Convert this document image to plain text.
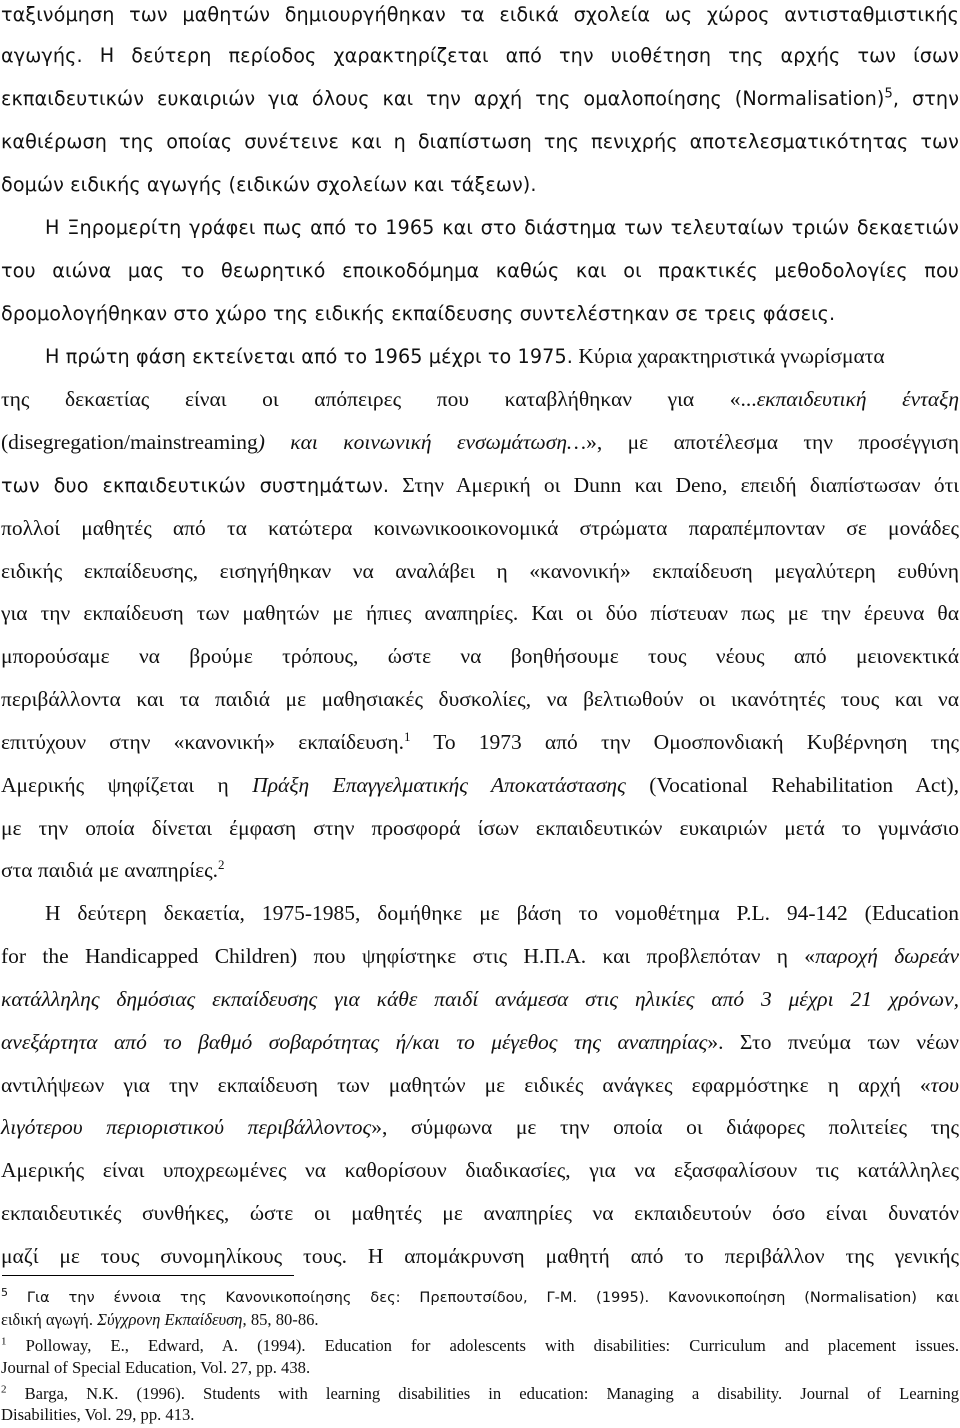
ταξινόμηση των μαθητών δημιουργήθηκαν τα ειδικά σχολεία ως χώρος αντισταθμιστικής
αγωγής. Η δεύτερη περίοδος χαρακτηρίζεται από την υιοθέτηση της αρχής των ίσων
εκπαιδευτικών ευκαιριών για όλους και την αρχή της ομαλοποίησης (Normalisation)$^5$, στην
καθιέρωση της οποίας συνέτεινε και η διαπίστωση της πενιχρής αποτελεσματικότητας των
δομών ειδικής αγωγής (ειδικών σχολείων και τάξεων).
Η Ξηρομερίτη γράφει πως από το 1965 και στο διάστημα των τελευταίων τριών δεκαετιών
του αιώνα μας το θεωρητικό εποικοδόμημα καθώς και οι πρακτικές μεθοδολογίες που
δρομολογήθηκαν στο χώρο της ειδικής εκπαίδευσης συντελέστηκαν σε τρεις φάσεις.
Η πρώτη φάση εκτείνεται από το 1965 μέχρι το 1975. Κύρια χαρακτηριστικά γνωρίσματα
της δεκαετίας είναι οι απόπειρες που καταβλήθηκαν για «...εκπαιδευτική ένταξη
(disegregation/mainstreaming) και κοινωνική ενσωμάτωση…», με αποτέλεσμα την προσέγγιση
των δυο εκπαιδευτικών συστημάτων. Στην Αμερική οι Dunn και Deno, επειδή διαπίστωσαν ότι
πολλοί μαθητές από τα κατώτερα κοινωνικοοικονομικά στρώματα παραπέμπονταν σε μονάδες
ειδικής εκπαίδευσης, εισηγήθηκαν να αναλάβει η «κανονική» εκπαίδευση μεγαλύτερη ευθύνη
για την εκπαίδευση των μαθητών με ήπιες αναπηρίες. Και οι δύο πίστευαν πως με την έρευνα θα
μπορούσαμε να βρούμε τρόπους, ώστε να βοηθήσουμε τους νέους από μειονεκτικά
περιβάλλοντα και τα παιδιά με μαθησιακές δυσκολίες, να βελτιωθούν οι ικανότητές τους και να
επιτύχουν στην «κανονική» εκπαίδευση.$^1$ Το 1973 από την Ομοσπονδιακή Κυβέρνηση της
Αμερικής ψηφίζεται η Πράξη Επαγγελματικής Αποκατάστασης (Vocational Rehabilitation Act),
με την οποία δίνεται έμφαση στην προσφορά ίσων εκπαιδευτικών ευκαιριών μετά το γυμνάσιο
στα παιδιά με αναπηρίες.$^2$
Η δεύτερη δεκαετία, 1975-1985, δομήθηκε με βάση το νομοθέτημα P.L. 94-142 (Education
for the Handicapped Children) που ψηφίστηκε στις Η.Π.Α. και προβλεπόταν η «παροχή δωρεάν
κατάλληλης δημόσιας εκπαίδευσης για κάθε παιδί ανάμεσα στις ηλικίες από 3 μέχρι 21 χρόνων,
ανεξάρτητα από το βαθμό σοβαρότητας ή/και το μέγεθος της αναπηρίας». Στο πνεύμα των νέων
αντιλήψεων για την εκπαίδευση των μαθητών με ειδικές ανάγκες εφαρμόστηκε η αρχή «του
λιγότερου περιοριστικού περιβάλλοντος», σύμφωνα με την οποία οι διάφορες πολιτείες της
Αμερικής είναι υποχρεωμένες να καθορίσουν διαδικασίες, για να εξασφαλίσουν τις κατάλληλες
εκπαιδευτικές συνθήκες, ώστε οι μαθητές με αναπηρίες να εκπαιδευτούν όσο είναι δυνατόν
μαζί με τους συνομηλίκους τους. Η απομάκρυνση μαθητή από το περιβάλλον της γενικής
$^5$ Για την έννοια της Κανονικοποίησης δες: Πρεπουτσίδου, Γ-Μ. (1995). Κανονικοποίηση (Normalisation) και
ειδική αγωγή. Σύγχρονη Εκπαίδευση, 85, 80-86.
$^1$ Polloway, E., Edward, A. (1994). Education for adolescents with disabilities: Curriculum and placement issues.
Journal of Special Education, Vol. 27, pp. 438.
$^2$ Barga, N.K. (1996). Students with learning disabilities in education: Managing a disability. Journal of Learning
Disabilities, Vol. 29, pp. 413.
